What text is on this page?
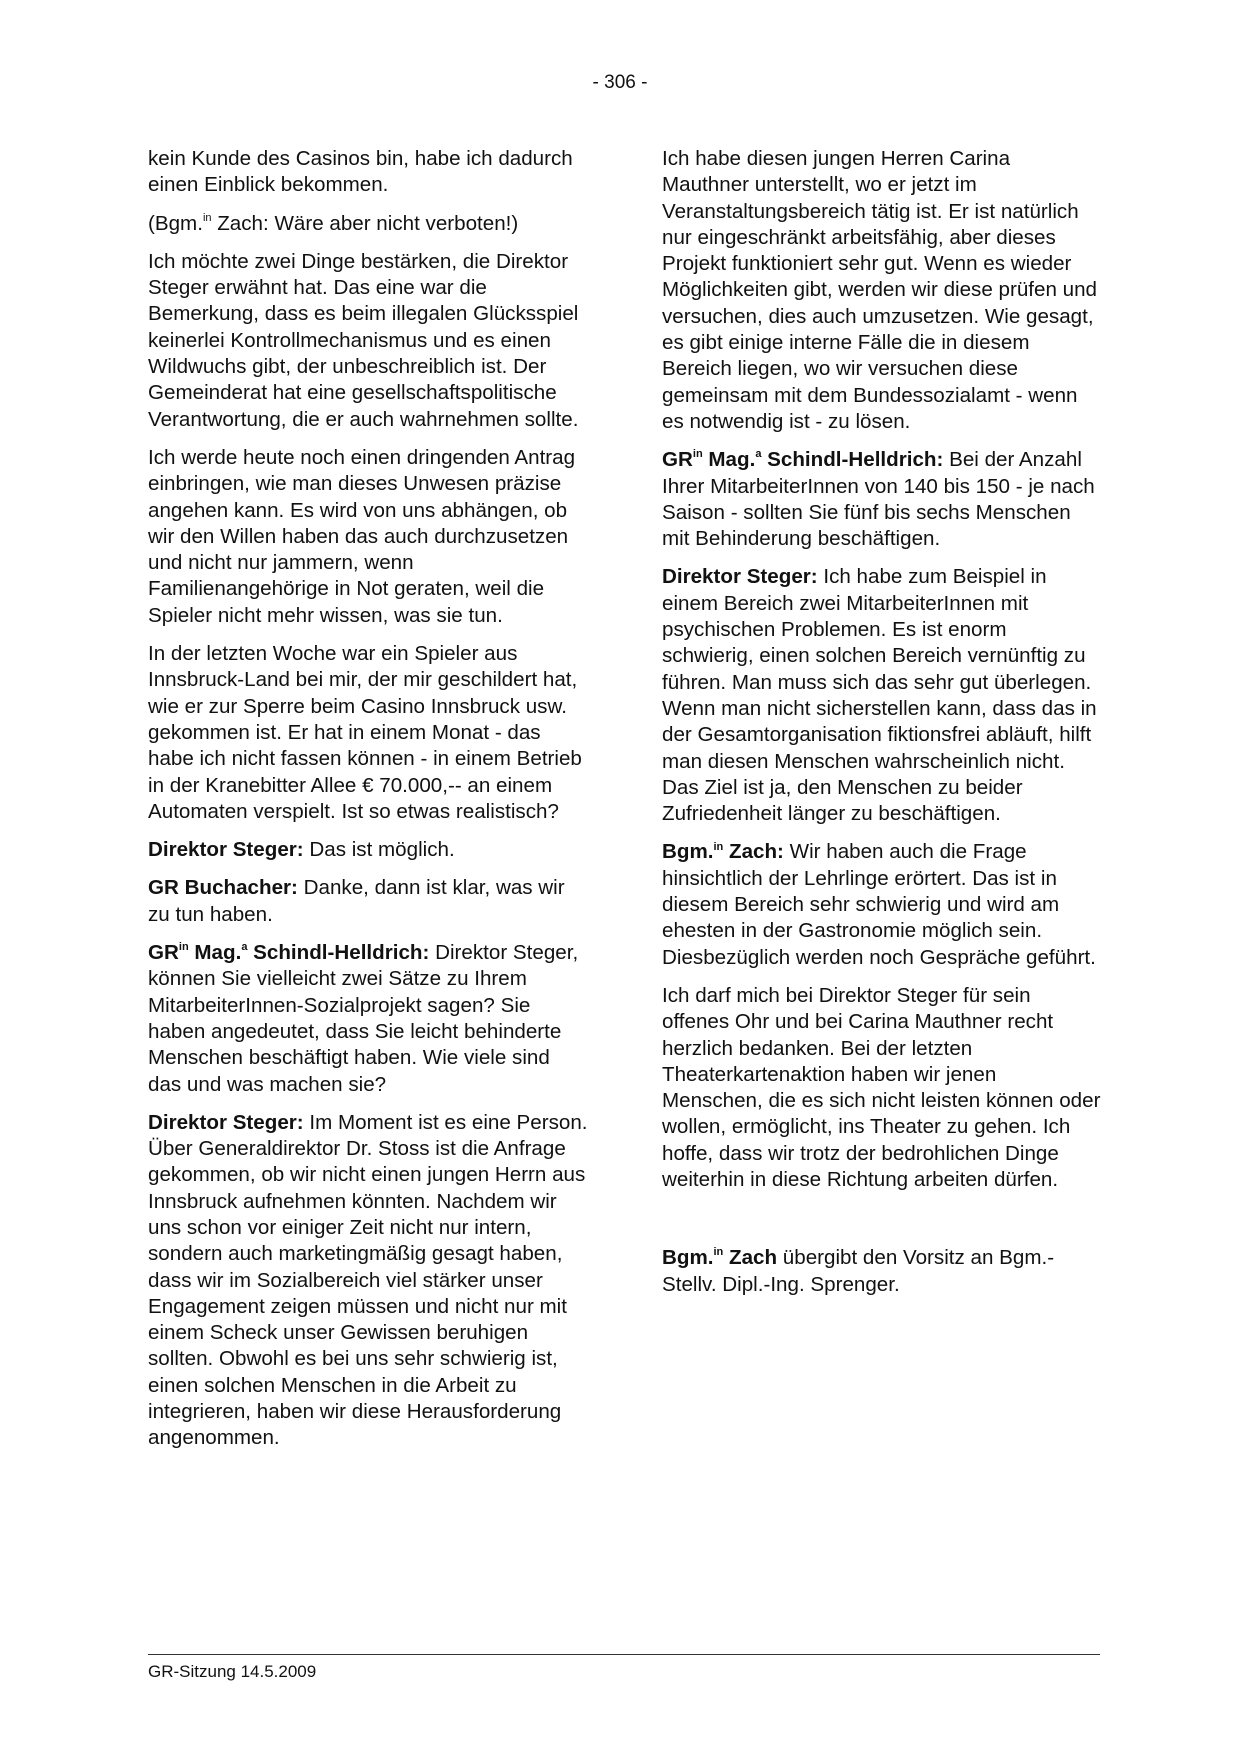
- 306 -

kein Kunde des Casinos bin, habe ich dadurch einen Einblick bekommen.

(Bgm.$^{in}$ Zach: Wäre aber nicht verboten!)

Ich möchte zwei Dinge bestärken, die Direktor Steger erwähnt hat. Das eine war die Bemerkung, dass es beim illegalen Glücksspiel keinerlei Kontrollmechanismus und es einen Wildwuchs gibt, der unbeschreiblich ist. Der Gemeinderat hat eine gesellschaftspolitische Verantwortung, die er auch wahrnehmen sollte.

Ich werde heute noch einen dringenden Antrag einbringen, wie man dieses Unwesen präzise angehen kann. Es wird von uns abhängen, ob wir den Willen haben das auch durchzusetzen und nicht nur jammern, wenn Familienangehörige in Not geraten, weil die Spieler nicht mehr wissen, was sie tun.

In der letzten Woche war ein Spieler aus Innsbruck-Land bei mir, der mir geschildert hat, wie er zur Sperre beim Casino Innsbruck usw. gekommen ist. Er hat in einem Monat - das habe ich nicht fassen können - in einem Betrieb in der Kranebitter Allee € 70.000,-- an einem Automaten verspielt. Ist so etwas realistisch?

Direktor Steger: Das ist möglich.

GR Buchacher: Danke, dann ist klar, was wir zu tun haben.

$GR^{in}$ Mag.$^a$ Schindl-Helldrich: Direktor Steger, können Sie vielleicht zwei Sätze zu Ihrem MitarbeiterInnen-Sozialprojekt sagen? Sie haben angedeutet, dass Sie leicht behinderte Menschen beschäftigt haben. Wie viele sind das und was machen sie?

Direktor Steger: Im Moment ist es eine Person. Über Generaldirektor Dr. Stoss ist die Anfrage gekommen, ob wir nicht einen jungen Herrn aus Innsbruck aufnehmen könnten. Nachdem wir uns schon vor einiger Zeit nicht nur intern, sondern auch marketingmäßig gesagt haben, dass wir im Sozialbereich viel stärker unser Engagement zeigen müssen und nicht nur mit einem Scheck unser Gewissen beruhigen sollten. Obwohl es bei uns sehr schwierig ist, einen solchen Menschen in die Arbeit zu integrieren, haben wir diese Herausforderung angenommen.

Ich habe diesen jungen Herren Carina Mauthner unterstellt, wo er jetzt im Veranstaltungsbereich tätig ist. Er ist natürlich nur eingeschränkt arbeitsfähig, aber dieses Projekt funktioniert sehr gut. Wenn es wieder Möglichkeiten gibt, werden wir diese prüfen und versuchen, dies auch umzusetzen. Wie gesagt, es gibt einige interne Fälle die in diesem Bereich liegen, wo wir versuchen diese gemeinsam mit dem Bundessozialamt - wenn es notwendig ist - zu lösen.

$GR^{in}$ Mag.$^a$ Schindl-Helldrich: Bei der Anzahl Ihrer MitarbeiterInnen von 140 bis 150 - je nach Saison - sollten Sie fünf bis sechs Menschen mit Behinderung beschäftigen.

Direktor Steger: Ich habe zum Beispiel in einem Bereich zwei MitarbeiterInnen mit psychischen Problemen. Es ist enorm schwierig, einen solchen Bereich vernünftig zu führen. Man muss sich das sehr gut überlegen. Wenn man nicht sicherstellen kann, dass das in der Gesamtorganisation fiktionsfrei abläuft, hilft man diesen Menschen wahrscheinlich nicht. Das Ziel ist ja, den Menschen zu beider Zufriedenheit länger zu beschäftigen.

Bgm.$^{in}$ Zach: Wir haben auch die Frage hinsichtlich der Lehrlinge erörtert. Das ist in diesem Bereich sehr schwierig und wird am ehesten in der Gastronomie möglich sein. Diesbezüglich werden noch Gespräche geführt.

Ich darf mich bei Direktor Steger für sein offenes Ohr und bei Carina Mauthner recht herzlich bedanken. Bei der letzten Theaterkartenaktion haben wir jenen Menschen, die es sich nicht leisten können oder wollen, ermöglicht, ins Theater zu gehen. Ich hoffe, dass wir trotz der bedrohlichen Dinge weiterhin in diese Richtung arbeiten dürfen.

Bgm.$^{in}$ Zach übergibt den Vorsitz an Bgm.-Stellv. Dipl.-Ing. Sprenger.

GR-Sitzung 14.5.2009
